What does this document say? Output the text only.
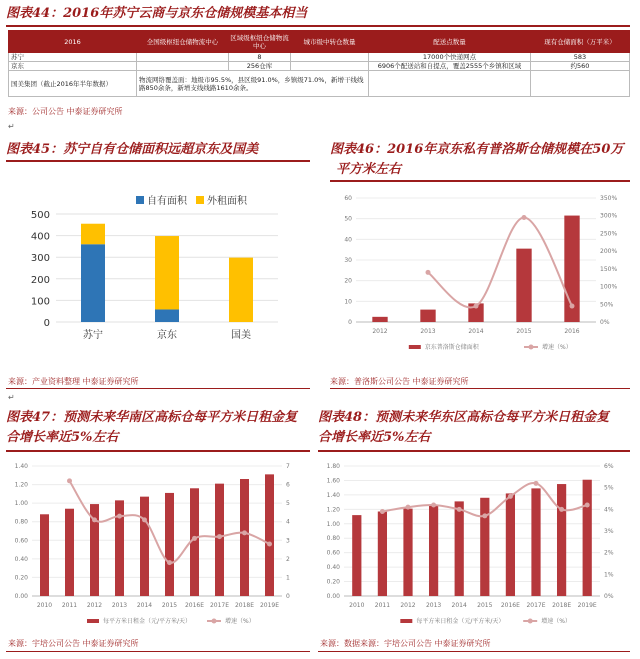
图表44：2016年苏宁云商与京东仓储规模基本相当
2016	全国级枢纽仓储物流中心	区域级枢纽仓储物流中心	城市级中转仓数量	配送点数量	现有仓储面积（万平米）
苏宁		8		17000个快递网点	583
京东		256仓库		6906个配送站和自提点，覆盖2555个乡镇和区域	约560
国美集团（截止2016年半年数据）	物流网络覆盖面：地级市95.5%，县区级91.0%，乡镇级71.0%，新增干线线路850余条，新增支线线路1610余条。				
来源：公司公告 中泰证券研究所
↵
图表45：苏宁自有仓储面积远超京东及国美
0
100
200
300
400
500
苏宁	京东	国美
自有面积 外租面积
图表46：2016年京东私有普洛斯仓储规模在50万
平方米左右
0
10
20
30
40
50
60
0%
50%
100%
150%
200%
250%
300%
350%
2012	2013	2014	2015	2016
京东普洛斯仓储面积	增速（%）
来源：产业资料整理 中泰证券研究所	来源：普洛斯公司公告 中泰证券研究所
↵
图表47：预测未来华南区高标仓每平方米日租金复
合增长率近5%左右
0.00
0.20
0.40
0.60
0.80
1.00
1.20
1.40
0
1
2
3
4
5
6
7
2010 2011 2012 2013 2014 2015 2016E 2017E 2018E 2019E
每平方米日租金（元/平方米/天）	增速（%）
图表48：预测未来华东区高标仓每平方米日租金复
合增长率近5%左右
0.00
0.20
0.40
0.60
0.80
1.00
1.20
1.40
1.60
1.80
0%
1%
2%
3%
4%
5%
6%
2010 2011 2012 2013 2014 2015 2016E 2017E 2018E 2019E
每平方米日租金（元/平方米/天）	增速（%）
来源：宇培公司公告 中泰证券研究所	来源：数据来源：宇培公司公告 中泰证券研究所
